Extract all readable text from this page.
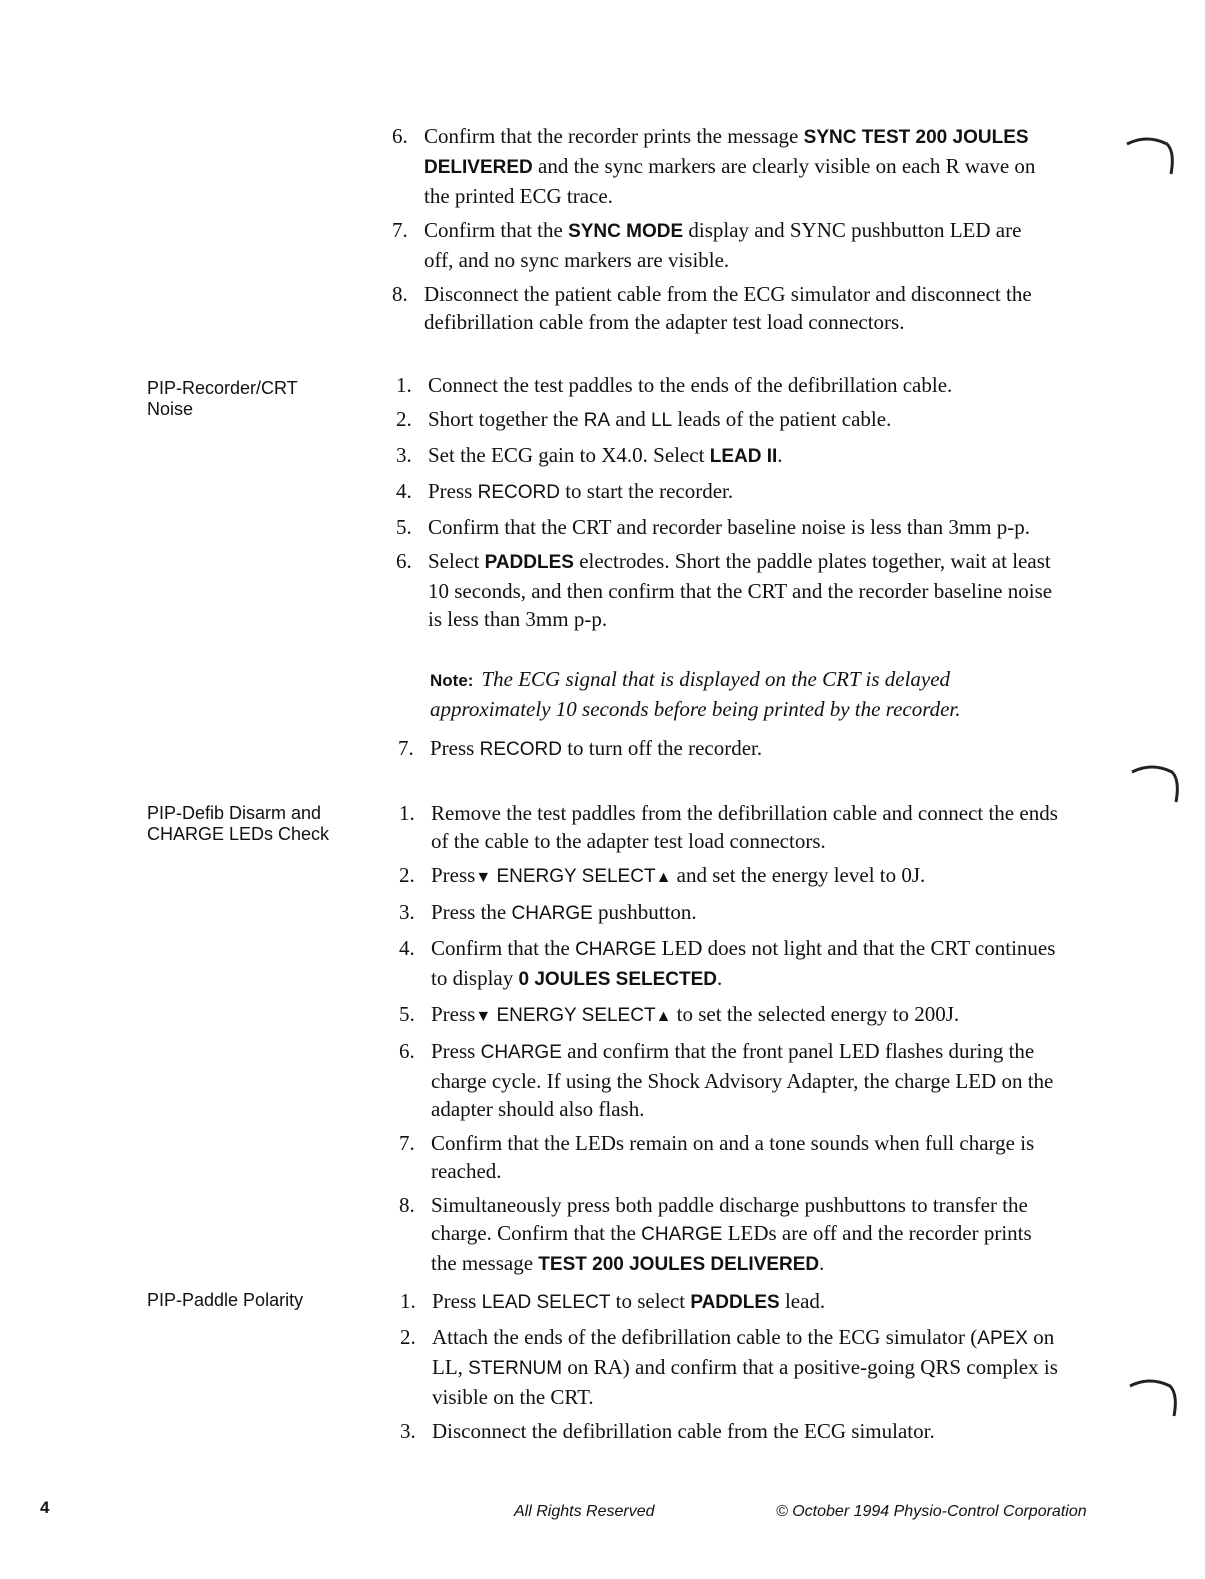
6. Confirm that the recorder prints the message SYNC TEST 200 JOULES DELIVERED and the sync markers are clearly visible on each R wave on the printed ECG trace.
7. Confirm that the SYNC MODE display and SYNC pushbutton LED are off, and no sync markers are visible.
8. Disconnect the patient cable from the ECG simulator and disconnect the defibrillation cable from the adapter test load connectors.
PIP-Recorder/CRT
Noise
1. Connect the test paddles to the ends of the defibrillation cable.
2. Short together the RA and LL leads of the patient cable.
3. Set the ECG gain to X4.0. Select LEAD II.
4. Press RECORD to start the recorder.
5. Confirm that the CRT and recorder baseline noise is less than 3mm p-p.
6. Select PADDLES electrodes. Short the paddle plates together, wait at least 10 seconds, and then confirm that the CRT and the recorder baseline noise is less than 3mm p-p.
Note: The ECG signal that is displayed on the CRT is delayed approximately 10 seconds before being printed by the recorder.
7. Press RECORD to turn off the recorder.
PIP-Defib Disarm and
CHARGE LEDs Check
1. Remove the test paddles from the defibrillation cable and connect the ends of the cable to the adapter test load connectors.
2. Press▼ ENERGY SELECT▲ and set the energy level to 0J.
3. Press the CHARGE pushbutton.
4. Confirm that the CHARGE LED does not light and that the CRT continues to display 0 JOULES SELECTED.
5. Press▼ ENERGY SELECT▲ to set the selected energy to 200J.
6. Press CHARGE and confirm that the front panel LED flashes during the charge cycle. If using the Shock Advisory Adapter, the charge LED on the adapter should also flash.
7. Confirm that the LEDs remain on and a tone sounds when full charge is reached.
8. Simultaneously press both paddle discharge pushbuttons to transfer the charge. Confirm that the CHARGE LEDs are off and the recorder prints the message TEST 200 JOULES DELIVERED.
PIP-Paddle Polarity	1. Press LEAD SELECT to select PADDLES lead.
2. Attach the ends of the defibrillation cable to the ECG simulator (APEX on LL, STERNUM on RA) and confirm that a positive-going QRS complex is visible on the CRT.
3. Disconnect the defibrillation cable from the ECG simulator.
4	All Rights Reserved	© October 1994 Physio-Control Corporation
